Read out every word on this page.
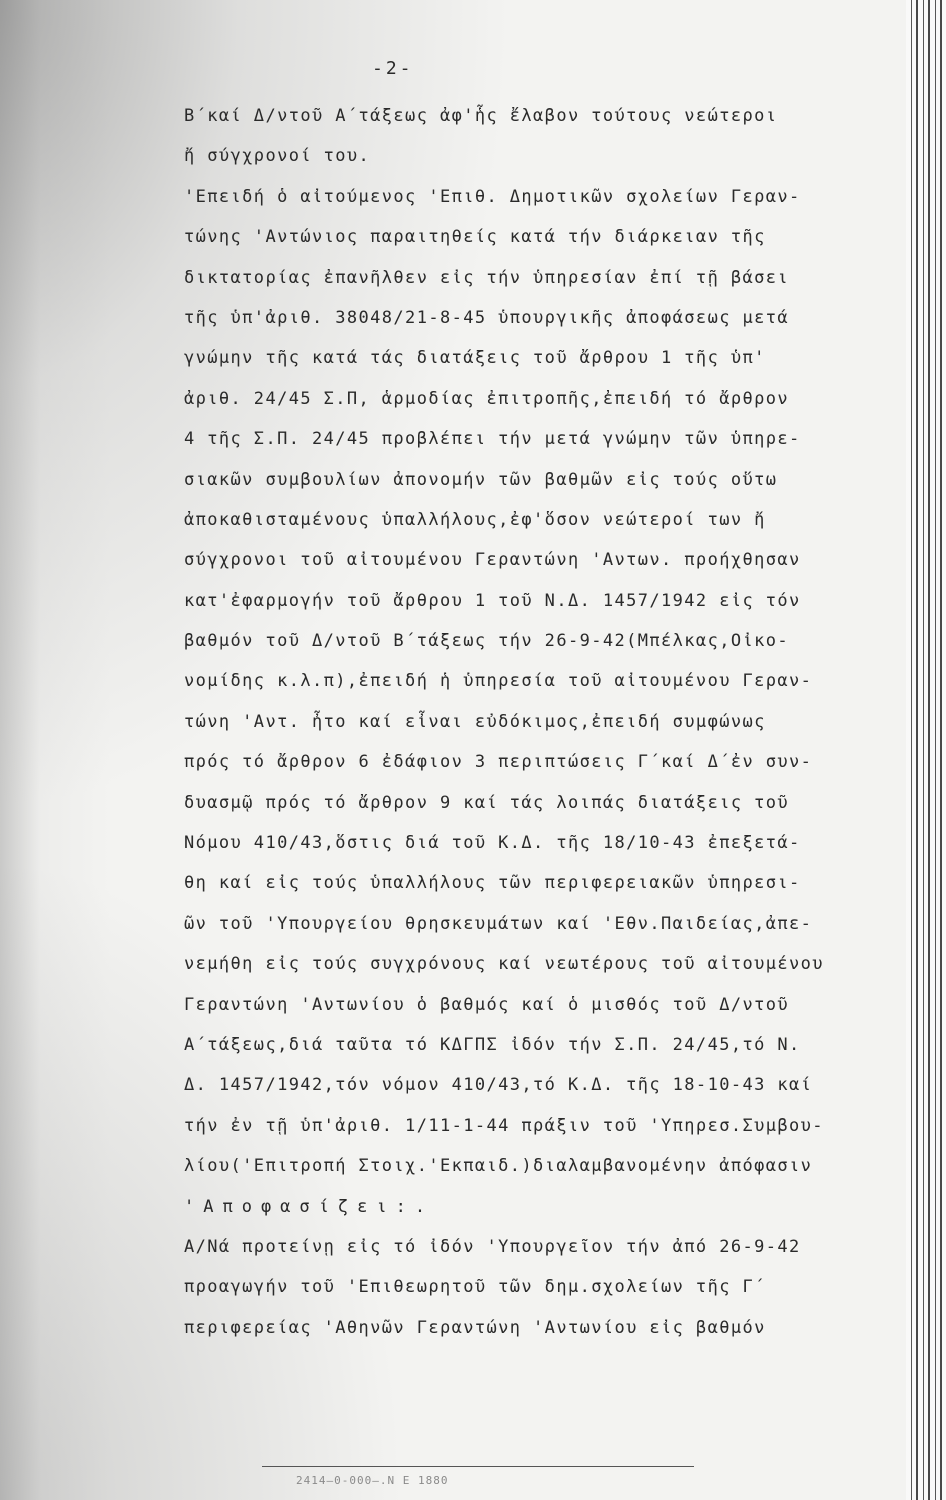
-2-
Β΄καί Δ/ντοῦ Α΄τάξεως ἀφ'ἧς ἔλαβον τούτους νεώτεροι
ἤ σύγχρονοί του.
'Επειδή ὁ αἰτούμενος 'Επιθ. Δημοτικῶν σχολείων Γεραν-
τώνης 'Αντώνιος παραιτηθείς κατά τήν διάρκειαν τῆς
δικτατορίας ἐπανῆλθεν εἰς τήν ὑπηρεσίαν ἐπί τῇ βάσει
τῆς ὑπ'ἀριθ. 38048/21-8-45 ὑπουργικῆς ἀποφάσεως μετά
γνώμην τῆς κατά τάς διατάξεις τοῦ ἄρθρου 1 τῆς ὑπ'
ἀριθ. 24/45 Σ.Π, ἁρμοδίας ἐπιτροπῆς,ἐπειδή τό ἄρθρον
4 τῆς Σ.Π. 24/45 προβλέπει τήν μετά γνώμην τῶν ὑπηρε-
σιακῶν συμβουλίων ἀπονομήν τῶν βαθμῶν εἰς τούς οὕτω
ἀποκαθισταμένους ὑπαλλήλους,ἐφ'ὅσον νεώτεροί των ἤ
σύγχρονοι τοῦ αἰτουμένου Γεραντώνη 'Αντων. προήχθησαν
κατ'ἐφαρμογήν τοῦ ἄρθρου 1 τοῦ Ν.Δ. 1457/1942 εἰς τόν
βαθμόν τοῦ Δ/ντοῦ Β΄τάξεως τήν 26-9-42(Μπέλκας,Οἰκο-
νομίδης κ.λ.π),ἐπειδή ἡ ὑπηρεσία τοῦ αἰτουμένου Γεραν-
τώνη 'Αντ. ἦτο καί εἶναι εὐδόκιμος,ἐπειδή συμφώνως
πρός τό ἄρθρον 6 ἐδάφιον 3 περιπτώσεις Γ΄καί Δ΄ἐν συν-
δυασμῷ πρός τό ἄρθρον 9 καί τάς λοιπάς διατάξεις τοῦ
Νόμου 410/43,ὅστις διά τοῦ Κ.Δ. τῆς 18/10-43 ἐπεξετά-
θη καί εἰς τούς ὑπαλλήλους τῶν περιφερειακῶν ὑπηρεσι-
ῶν τοῦ 'Υπουργείου θρησκευμάτων καί 'Εθν.Παιδείας,ἀπε-
νεμήθη εἰς τούς συγχρόνους καί νεωτέρους τοῦ αἰτουμένου
Γεραντώνη 'Αντωνίου ὁ βαθμός καί ὁ μισθός τοῦ Δ/ντοῦ
Α΄τάξεως,διά ταῦτα τό ΚΔΓΠΣ ἰδόν τήν Σ.Π. 24/45,τό Ν.
Δ. 1457/1942,τόν νόμον 410/43,τό Κ.Δ. τῆς 18-10-43 καί
τήν ἐν τῇ ὑπ'ἀριθ. 1/11-1-44 πράξιν τοῦ 'Υπηρεσ.Συμβου-
λίου('Επιτροπή Στοιχ.'Εκπαιδ.)διαλαμβανομένην ἀπόφασιν
'Αποφασίζει:.
Α/Νά προτείνῃ εἰς τό ἰδόν 'Υπουργεῖον τήν ἀπό 26-9-42
προαγωγήν τοῦ 'Επιθεωρητοῦ τῶν δημ.σχολείων τῆς Γ΄
περιφερείας 'Αθηνῶν Γεραντώνη 'Αντωνίου εἰς βαθμόν
2414—0-000—.N E 1880
